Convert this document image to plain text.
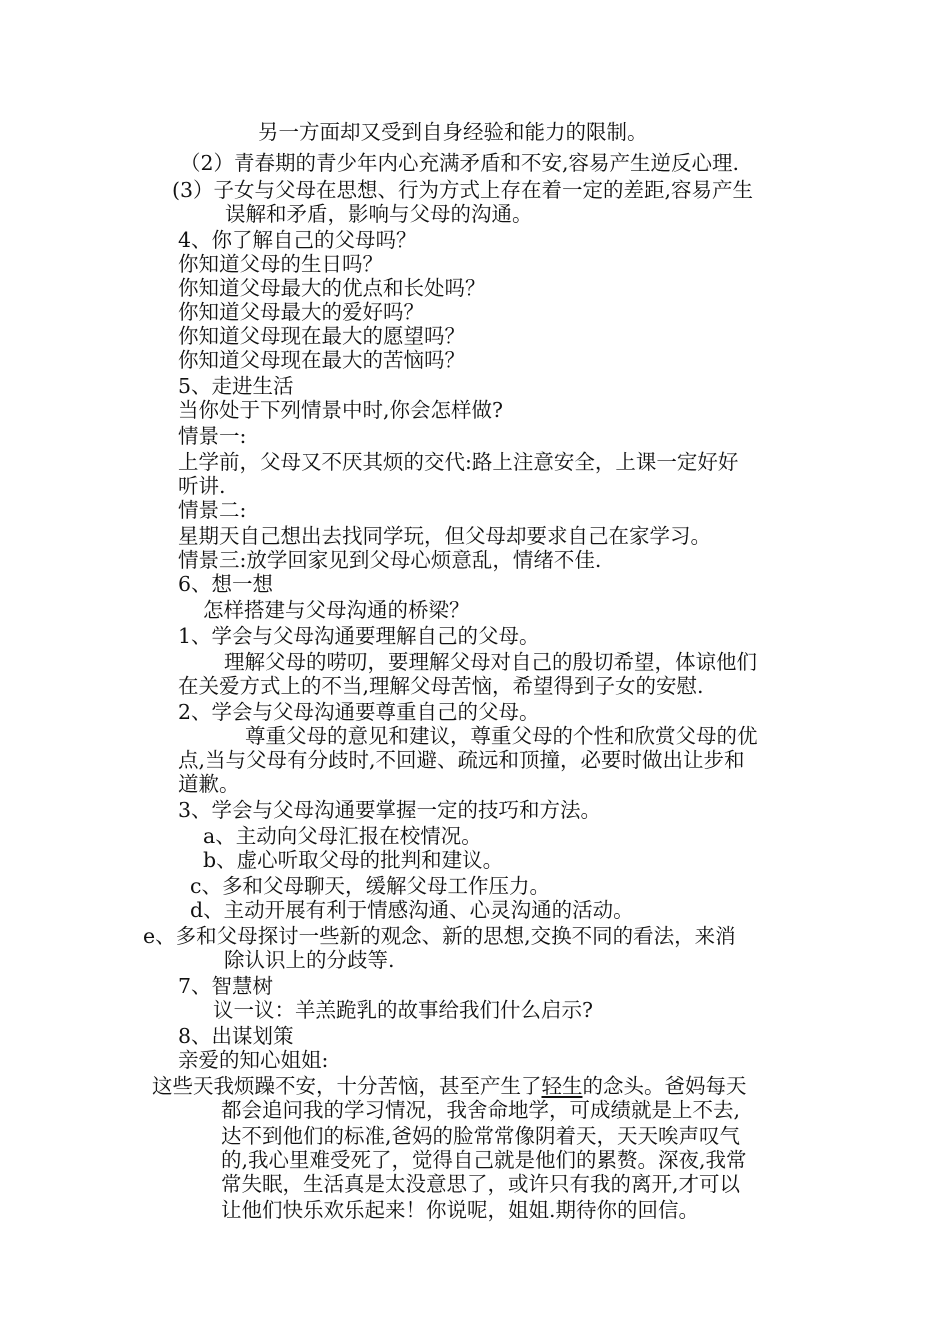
另一方面却又受到自身经验和能力的限制。
（2）青春期的青少年内心充满矛盾和不安,容易产生逆反心理.
(3）子女与父母在思想、行为方式上存在着一定的差距,容易产生
误解和矛盾，影响与父母的沟通。
4、你了解自己的父母吗？
你知道父母的生日吗？
你知道父母最大的优点和长处吗？
你知道父母最大的爱好吗？
你知道父母现在最大的愿望吗？
你知道父母现在最大的苦恼吗？
5、走进生活
当你处于下列情景中时,你会怎样做?
情景一:
上学前，父母又不厌其烦的交代:路上注意安全，上课一定好好
听讲.
情景二:
星期天自己想出去找同学玩，但父母却要求自己在家学习。
情景三:放学回家见到父母心烦意乱，情绪不佳.
6、想一想
怎样搭建与父母沟通的桥梁？
1、学会与父母沟通要理解自己的父母。
理解父母的唠叨，要理解父母对自己的殷切希望，体谅他们
在关爱方式上的不当,理解父母苦恼，希望得到子女的安慰.
2、学会与父母沟通要尊重自己的父母。
尊重父母的意见和建议，尊重父母的个性和欣赏父母的优
点,当与父母有分歧时,不回避、疏远和顶撞，必要时做出让步和
道歉。
3、学会与父母沟通要掌握一定的技巧和方法。
a、主动向父母汇报在校情况。
b、虚心听取父母的批判和建议。
c、多和父母聊天，缓解父母工作压力。
d、主动开展有利于情感沟通、心灵沟通的活动。
e、多和父母探讨一些新的观念、新的思想,交换不同的看法，来消
除认识上的分歧等.
7、智慧树
议一议：羊羔跪乳的故事给我们什么启示?
8、出谋划策
亲爱的知心姐姐:
这些天我烦躁不安，十分苦恼，甚至产生了轻生的念头。爸妈每天
都会追问我的学习情况，我舍命地学，可成绩就是上不去,
达不到他们的标准,爸妈的脸常常像阴着天，天天唉声叹气
的,我心里难受死了，觉得自己就是他们的累赘。深夜,我常
常失眠，生活真是太没意思了，或许只有我的离开,才可以
让他们快乐欢乐起来！你说呢，姐姐.期待你的回信。
